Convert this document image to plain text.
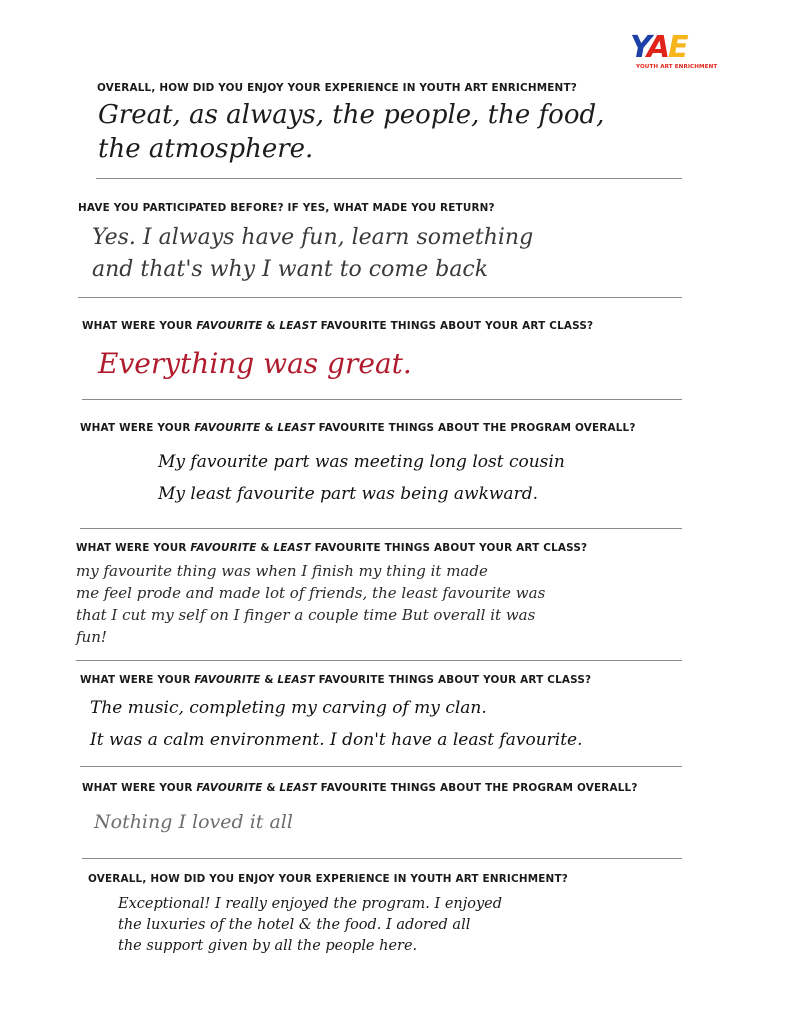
YAE
YOUTH ART ENRICHMENT
OVERALL, HOW DID YOU ENJOY YOUR EXPERIENCE IN YOUTH ART ENRICHMENT?
Great, as always, the people, the food,
the atmosphere.
HAVE YOU PARTICIPATED BEFORE? IF YES, WHAT MADE YOU RETURN?
Yes. I always have fun, learn something
and that's why I want to come back
WHAT WERE YOUR FAVOURITE & LEAST FAVOURITE THINGS ABOUT YOUR ART CLASS?
Everything was great.
WHAT WERE YOUR FAVOURITE & LEAST FAVOURITE THINGS ABOUT THE PROGRAM OVERALL?
My favourite part was meeting long lost cousin
My least favourite part was being awkward.
WHAT WERE YOUR FAVOURITE & LEAST FAVOURITE THINGS ABOUT YOUR ART CLASS?
my favourite thing was when I finish my thing it made
me feel prode and made lot of friends, the least favourite was
that I cut my self on I finger a couple time But overall it was
fun!
WHAT WERE YOUR FAVOURITE & LEAST FAVOURITE THINGS ABOUT YOUR ART CLASS?
The music, completing my carving of my clan.
It was a calm environment. I don't have a least favourite.
WHAT WERE YOUR FAVOURITE & LEAST FAVOURITE THINGS ABOUT THE PROGRAM OVERALL?
Nothing I loved it all
OVERALL, HOW DID YOU ENJOY YOUR EXPERIENCE IN YOUTH ART ENRICHMENT?
Exceptional! I really enjoyed the program. I enjoyed
the luxuries of the hotel & the food. I adored all
the support given by all the people here.
